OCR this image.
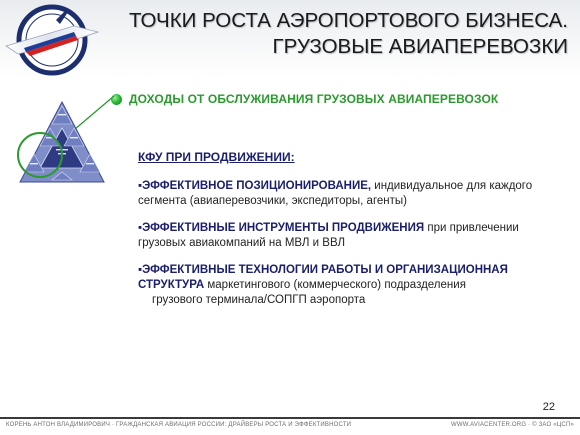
ТОЧКИ РОСТА АЭРОПОРТОВОГО БИЗНЕСА.
ГРУЗОВЫЕ АВИАПЕРЕВОЗКИ
ДОХОДЫ ОТ ОБСЛУЖИВАНИЯ ГРУЗОВЫХ АВИАПЕРЕВОЗОК
КФУ ПРИ ПРОДВИЖЕНИИ:
▪ЭФФЕКТИВНОЕ ПОЗИЦИОНИРОВАНИЕ, индивидуальное для каждого сегмента (авиаперевозчики, экспедиторы, агенты)
▪ЭФФЕКТИВНЫЕ ИНСТРУМЕНТЫ ПРОДВИЖЕНИЯ при привлечении грузовых авиакомпаний на МВЛ и ВВЛ
▪ЭФФЕКТИВНЫЕ ТЕХНОЛОГИИ РАБОТЫ И ОРГАНИЗАЦИОННАЯ СТРУКТУРА маркетингового (коммерческого) подразделения
грузового терминала/СОПГП аэропорта
22
КОРЕНЬ АНТОН ВЛАДИМИРОВИЧ · ГРАЖДАНСКАЯ АВИАЦИЯ РОССИИ: ДРАЙВЕРЫ РОСТА И ЭФФЕКТИВНОСТИ	WWW.AVIACENTER.ORG · © ЗАО «ЦСП»
